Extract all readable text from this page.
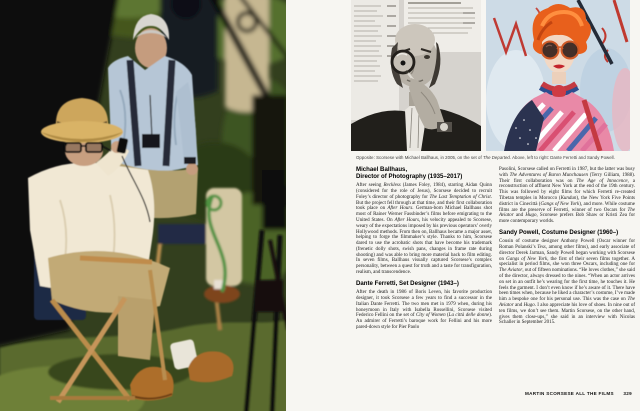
Opposite: Scorsese with Michael Ballhaus, in 2005, on the set of The Departed. Above, left to right: Dante Ferretti and Sandy Powell.
Michael Ballhaus,
Director of Photography (1935–2017)

After seeing Reckless (James Foley, 1984), starring Aidan Quinn (considered for the role of Jesus), Scorsese decided to recruit Foley’s director of photography for The Last Temptation of Christ. But the project fell through at that time, and their first collaboration took place on After Hours. German-born Michael Ballhaus shot most of Rainer Werner Fassbinder’s films before emigrating to the United States. On After Hours, his velocity appealed to Scorsese, weary of the expectations imposed by his previous operators’ overly Hollywood methods. From then on, Ballhaus became a major asset, helping to forge the filmmaker’s style. Thanks to him, Scorsese dared to use the acrobatic shots that have become his trademark (frenetic dolly shots, swish pans, changes in frame rate during shooting) and was able to bring more material back to film editing. In seven films, Ballhaus visually captured Scorsese’s complex personality, between a quest for truth and a taste for transfiguration, realism, and transcendence.

Dante Ferretti, Set Designer (1943–)

After the death in 1986 of Boris Leven, his favorite production designer, it took Scorsese a few years to find a successor in the Italian Dante Ferretti. The two men met in 1979 when, during his honeymoon in Italy with Isabella Rossellini, Scorsese visited Federico Fellini on the set of City of Women (La città delle donne). An admirer of Ferretti’s baroque work for Fellini and his more pared-down style for Pier Paolo

Pasolini, Scorsese called on Ferretti in 1987, but the latter was busy with The Adventures of Baron Munchausen (Terry Gilliam, 1988). Their first collaboration was on The Age of Innocence, a reconstruction of affluent New York at the end of the 19th century. This was followed by eight films for which Ferretti re-created Tibetan temples in Morocco (Kundun), the New York Five Points district in Cinecittà (Gangs of New York), and more. While costume films are the preserve of Ferretti, winner of two Oscars for The Aviator and Hugo, Scorsese prefers Bob Shaw or Kristi Zea for more contemporary worlds.

Sandy Powell, Costume Designer (1960–)

Cousin of costume designer Anthony Powell (Oscar winner for Roman Polanski’s Tess, among other films), and early associate of director Derek Jarman, Sandy Powell began working with Scorsese on Gangs of New York, the first of their seven films together. A specialist in period films, she won three Oscars, including one for The Aviator, out of fifteen nominations. “He loves clothes,” she said of the director, always dressed to the nines. “When an actor arrives on set in an outfit he’s wearing for the first time, he touches it. He feels the garment. I don’t even know if he’s aware of it. There have been times when, because he liked a character’s costume, I’ve made him a bespoke one for his personal use. This was the case on The Aviator and Hugo. I also appreciate his love of shoes. In nine out of ten films, we don’t see them. Martin Scorsese, on the other hand, gives them close-ups,” she said in an interview with Nicolas Schaller in September 2015.

MARTIN SCORSESE ALL THE FILMS 329
